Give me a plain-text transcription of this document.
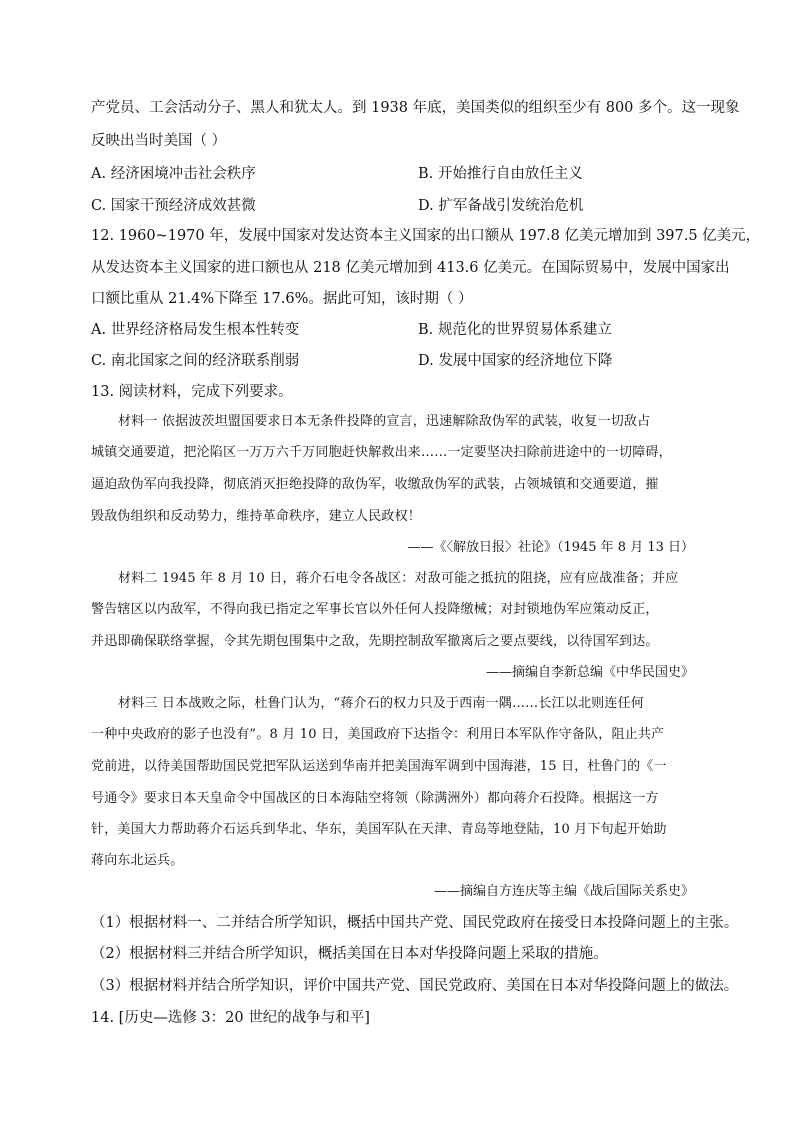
产党员、工会活动分子、黑人和犹太人。到 1938 年底，美国类似的组织至少有 800 多个。这一现象
反映出当时美国（ ）
A. 经济困境冲击社会秩序	B. 开始推行自由放任主义
C. 国家干预经济成效甚微	D. 扩军备战引发统治危机
12. 1960~1970 年，发展中国家对发达资本主义国家的出口额从 197.8 亿美元增加到 397.5 亿美元，
从发达资本主义国家的进口额也从 218 亿美元增加到 413.6 亿美元。在国际贸易中，发展中国家出
口额比重从 21.4%下降至 17.6%。据此可知，该时期（ ）
A. 世界经济格局发生根本性转变	B. 规范化的世界贸易体系建立
C. 南北国家之间的经济联系削弱	D. 发展中国家的经济地位下降
13. 阅读材料，完成下列要求。
材料一 依据波茨坦盟国要求日本无条件投降的宣言，迅速解除敌伪军的武装，收复一切敌占
城镇交通要道，把沦陷区一万万六千万同胞赶快解救出来……一定要坚决扫除前进途中的一切障碍，
逼迫敌伪军向我投降，彻底消灭拒绝投降的敌伪军，收缴敌伪军的武装，占领城镇和交通要道，摧
毁敌伪组织和反动势力，维持革命秩序，建立人民政权！
——《〈解放日报〉社论》（1945 年 8 月 13 日）
材料二 1945 年 8 月 10 日，蒋介石电令各战区：对敌可能之抵抗的阻挠，应有应战准备；并应
警告辖区以内敌军，不得向我已指定之军事长官以外任何人投降缴械；对封锁地伪军应策动反正，
并迅即确保联络掌握，令其先期包围集中之敌，先期控制敌军撤离后之要点要线，以待国军到达。
——摘编自李新总编《中华民国史》
材料三 日本战败之际，杜鲁门认为，“蒋介石的权力只及于西南一隅……长江以北则连任何
一种中央政府的影子也没有”。8 月 10 日，美国政府下达指令：利用日本军队作守备队，阻止共产
党前进，以待美国帮助国民党把军队运送到华南并把美国海军调到中国海港，15 日，杜鲁门的《一
号通令》要求日本天皇命令中国战区的日本海陆空将领（除满洲外）都向蒋介石投降。根据这一方
针，美国大力帮助蒋介石运兵到华北、华东，美国军队在天津、青岛等地登陆，10 月下旬起开始助
蒋向东北运兵。
——摘编自方连庆等主编《战后国际关系史》
（1）根据材料一、二并结合所学知识，概括中国共产党、国民党政府在接受日本投降问题上的主张。
（2）根据材料三并结合所学知识，概括美国在日本对华投降问题上采取的措施。
（3）根据材料并结合所学知识，评价中国共产党、国民党政府、美国在日本对华投降问题上的做法。
14. [历史—选修 3：20 世纪的战争与和平]
